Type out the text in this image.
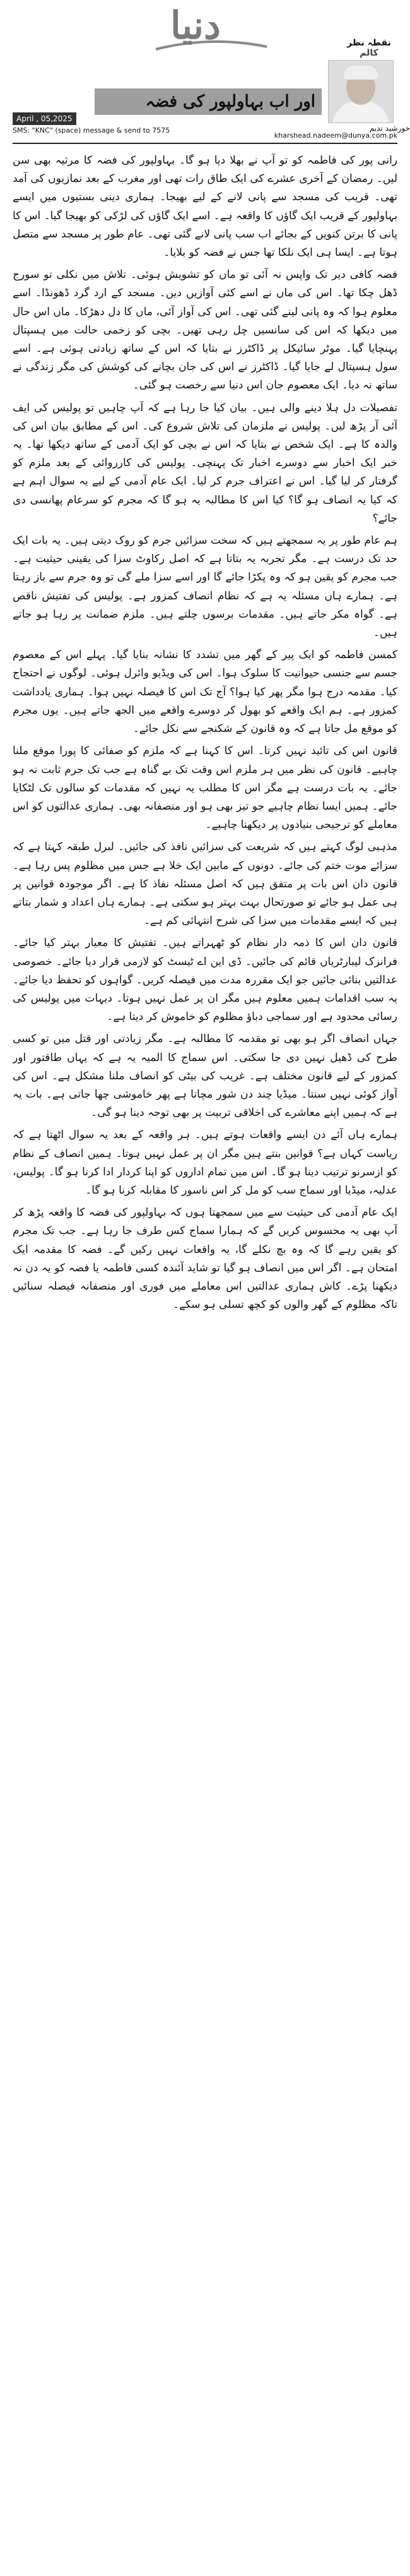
دنیا	نقطہ نظر
کالم
اور اب بہاولپور کی فضہ
April , 05,2025
خورشید ندیم
SMS: "KNC" (space) message & send to 7575
kharshead.nadeem@dunya.com.pk

رانی پور کی فاطمہ کو تو آپ نے بھلا دیا ہو گا۔ بہاولپور کی فضہ کا مرثیہ بھی سن لیں۔ رمضان کے آخری عشرے کی ایک طاق رات تھی اور مغرب کے بعد نمازیوں کی آمد تھی۔ قریب کی مسجد سے پانی لانے کے لیے بھیجا۔ ہماری دینی بستیوں میں ایسے بہاولپور کے قریب ایک گاؤں کا واقعہ ہے۔ اسے ایک گاؤں کی لڑکی کو بھیجا گیا۔ اس کا پانی کا برتن کنویں کے بجائے اب سب پانی لانے گئی تھی۔ عام طور پر مسجد سے متصل ہوتا ہے۔ ایسا ہی ایک نلکا تھا جس نے فضہ کو بلایا۔

فضہ کافی دیر تک واپس نہ آئی تو ماں کو تشویش ہوئی۔ تلاش میں نکلی تو سورج ڈھل چکا تھا۔ اس کی ماں نے اسے کئی آوازیں دیں۔ مسجد کے ارد گرد ڈھونڈا۔ اسے معلوم ہوا کہ وہ پانی لینے گئی تھی۔ اس کی آواز آئی، ماں کا دل دھڑکا۔ ماں اس حال میں دیکھا کہ اس کی سانسیں چل رہی تھیں۔ بچی کو زخمی حالت میں ہسپتال پہنچایا گیا۔ موٹر سائیکل پر ڈاکٹرز نے بتایا کہ اس کے ساتھ زیادتی ہوئی ہے۔ اسے سول ہسپتال لے جایا گیا۔ ڈاکٹرز نے اس کی جان بچانے کی کوشش کی مگر زندگی نے ساتھ نہ دیا۔ ایک معصوم جان اس دنیا سے رخصت ہو گئی۔

تفصیلات دل ہلا دینے والی ہیں۔ بیان کیا جا رہا ہے کہ آپ چاہیں تو پولیس کی ایف آئی آر پڑھ لیں۔ پولیس نے ملزمان کی تلاش شروع کی۔ اس کے مطابق بیان اس کی والدہ کا ہے۔ ایک شخص نے بتایا کہ اس نے بچی کو ایک آدمی کے ساتھ دیکھا تھا۔ یہ خبر ایک اخبار سے دوسرے اخبار تک پہنچی۔ پولیس کی کارروائی کے بعد ملزم کو گرفتار کر لیا گیا۔ اس نے اعتراف جرم کر لیا۔ ایک عام آدمی کے لیے یہ سوال اہم ہے کہ کیا یہ انصاف ہو گا؟ کیا اس کا مطالبہ یہ ہو گا کہ مجرم کو سرعام پھانسی دی جائے؟

ہم عام طور پر یہ سمجھتے ہیں کہ سخت سزائیں جرم کو روک دیتی ہیں۔ یہ بات ایک حد تک درست ہے۔ مگر تجربہ یہ بتاتا ہے کہ اصل رکاوٹ سزا کی یقینی حیثیت ہے۔ جب مجرم کو یقین ہو کہ وہ پکڑا جائے گا اور اسے سزا ملے گی تو وہ جرم سے باز رہتا ہے۔ ہمارے ہاں مسئلہ یہ ہے کہ نظام انصاف کمزور ہے۔ پولیس کی تفتیش ناقص ہے۔ گواہ مکر جاتے ہیں۔ مقدمات برسوں چلتے ہیں۔ ملزم ضمانت پر رہا ہو جاتے ہیں۔

کمسن فاطمہ کو ایک پیر کے گھر میں تشدد کا نشانہ بنایا گیا۔ پہلے اس کے معصوم جسم سے جنسی حیوانیت کا سلوک ہوا۔ اس کی ویڈیو وائرل ہوئی۔ لوگوں نے احتجاج کیا۔ مقدمہ درج ہوا مگر پھر کیا ہوا؟ آج تک اس کا فیصلہ نہیں ہوا۔ ہماری یادداشت کمزور ہے۔ ہم ایک واقعے کو بھول کر دوسرے واقعے میں الجھ جاتے ہیں۔ یوں مجرم کو موقع مل جاتا ہے کہ وہ قانون کے شکنجے سے نکل جائے۔

قانون اس کی تائید نہیں کرتا۔ اس کا کہنا ہے کہ ملزم کو صفائی کا پورا موقع ملنا چاہیے۔ قانون کی نظر میں ہر ملزم اس وقت تک بے گناہ ہے جب تک جرم ثابت نہ ہو جائے۔ یہ بات درست ہے مگر اس کا مطلب یہ نہیں کہ مقدمات کو سالوں تک لٹکایا جائے۔ ہمیں ایسا نظام چاہیے جو تیز بھی ہو اور منصفانہ بھی۔ ہماری عدالتوں کو اس معاملے کو ترجیحی بنیادوں پر دیکھنا چاہیے۔

مذہبی لوگ کہتے ہیں کہ شریعت کی سزائیں نافذ کی جائیں۔ لبرل طبقہ کہتا ہے کہ سزائے موت ختم کی جائے۔ دونوں کے مابین ایک خلا ہے جس میں مظلوم پس رہا ہے۔ قانون دان اس بات پر متفق ہیں کہ اصل مسئلہ نفاذ کا ہے۔ اگر موجودہ قوانین پر ہی عمل ہو جائے تو صورتحال بہت بہتر ہو سکتی ہے۔ ہمارے ہاں اعداد و شمار بتاتے ہیں کہ ایسے مقدمات میں سزا کی شرح انتہائی کم ہے۔

قانون دان اس کا ذمہ دار نظام کو ٹھہراتے ہیں۔ تفتیش کا معیار بہتر کیا جائے۔ فرانزک لیبارٹریاں قائم کی جائیں۔ ڈی این اے ٹیسٹ کو لازمی قرار دیا جائے۔ خصوصی عدالتیں بنائی جائیں جو ایک مقررہ مدت میں فیصلہ کریں۔ گواہوں کو تحفظ دیا جائے۔ یہ سب اقدامات ہمیں معلوم ہیں مگر ان پر عمل نہیں ہوتا۔ دیہات میں پولیس کی رسائی محدود ہے اور سماجی دباؤ مظلوم کو خاموش کر دیتا ہے۔

جہاں انصاف اگر ہو بھی تو مقدمہ کا مطالبہ ہے۔ مگر زیادتی اور قتل میں تو کسی طرح کی ڈھیل نہیں دی جا سکتی۔ اس سماج کا المیہ یہ ہے کہ یہاں طاقتور اور کمزور کے لیے قانون مختلف ہے۔ غریب کی بیٹی کو انصاف ملنا مشکل ہے۔ اس کی آواز کوئی نہیں سنتا۔ میڈیا چند دن شور مچاتا ہے پھر خاموشی چھا جاتی ہے۔ بات یہ ہے کہ ہمیں اپنے معاشرے کی اخلاقی تربیت پر بھی توجہ دینا ہو گی۔

ہمارے ہاں آئے دن ایسے واقعات ہوتے ہیں۔ ہر واقعہ کے بعد یہ سوال اٹھتا ہے کہ ریاست کہاں ہے؟ قوانین بنتے ہیں مگر ان پر عمل نہیں ہوتا۔ ہمیں انصاف کے نظام کو ازسرنو ترتیب دینا ہو گا۔ اس میں تمام اداروں کو اپنا کردار ادا کرنا ہو گا۔ پولیس، عدلیہ، میڈیا اور سماج سب کو مل کر اس ناسور کا مقابلہ کرنا ہو گا۔

ایک عام آدمی کی حیثیت سے میں سمجھتا ہوں کہ بہاولپور کی فضہ کا واقعہ پڑھ کر آپ بھی یہ محسوس کریں گے کہ ہمارا سماج کس طرف جا رہا ہے۔ جب تک مجرم کو یقین رہے گا کہ وہ بچ نکلے گا، یہ واقعات نہیں رکیں گے۔ فضہ کا مقدمہ ایک امتحان ہے۔ اگر اس میں انصاف ہو گیا تو شاید آئندہ کسی فاطمہ یا فضہ کو یہ دن نہ دیکھنا پڑے۔ کاش ہماری عدالتیں اس معاملے میں فوری اور منصفانہ فیصلہ سنائیں تاکہ مظلوم کے گھر والوں کو کچھ تسلی ہو سکے۔
